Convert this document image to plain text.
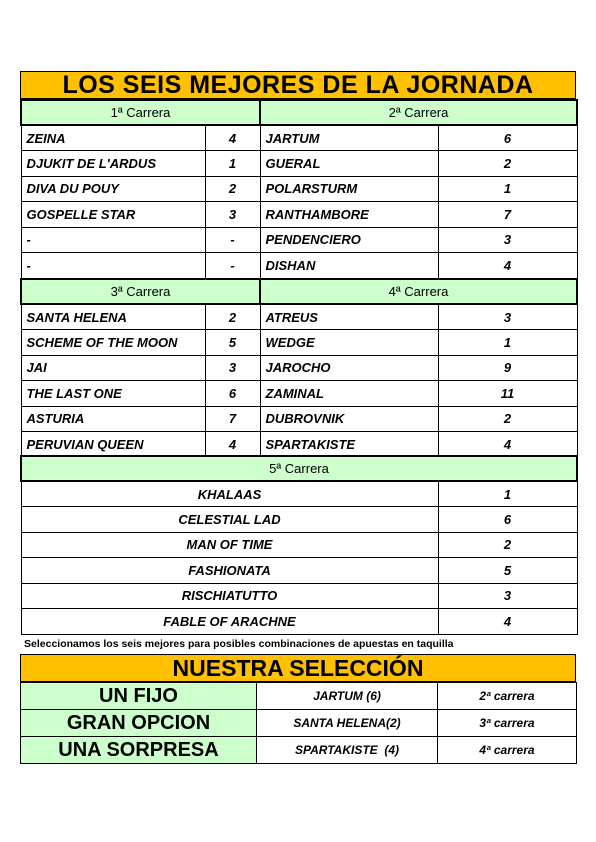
LOS SEIS MEJORES DE LA JORNADA
1ª Carrera		2ª Carrera	
ZEINA	4	JARTUM	6
DJUKIT DE L'ARDUS	1	GUERAL	2
DIVA DU POUY	2	POLARSTURM	1
GOSPELLE STAR	3	RANTHAMBORE	7
-	-	PENDENCIERO	3
-	-	DISHAN	4
3ª Carrera		4ª Carrera	
SANTA HELENA	2	ATREUS	3
SCHEME OF THE MOON	5	WEDGE	1
JAI	3	JAROCHO	9
THE LAST ONE	6	ZAMINAL	11
ASTURIA	7	DUBROVNIK	2
PERUVIAN QUEEN	4	SPARTAKISTE	4
5ª Carrera	
KHALAAS	1
CELESTIAL LAD	6
MAN OF TIME	2
FASHIONATA	5
RISCHIATUTTO	3
FABLE OF ARACHNE	4
Seleccionamos los seis mejores para posibles combinaciones de apuestas en taquilla
NUESTRA SELECCIÓN
UN FIJO	JARTUM (6)	2ª carrera
GRAN OPCION	SANTA HELENA(2)	3ª carrera
UNA SORPRESA	SPARTAKISTE  (4)	4ª carrera
